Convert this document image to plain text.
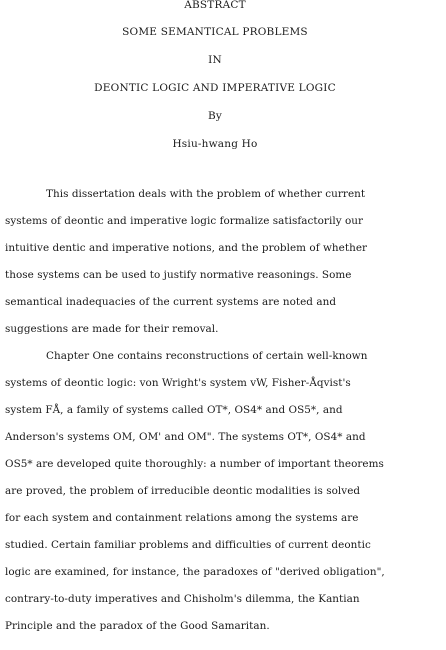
ABSTRACT
SOME SEMANTICAL PROBLEMS
IN
DEONTIC LOGIC AND IMPERATIVE LOGIC
By
Hsiu-hwang Ho
This dissertation deals with the problem of whether current
systems of deontic and imperative logic formalize satisfactorily our
intuitive dentic and imperative notions, and the problem of whether
those systems can be used to justify normative reasonings. Some
semantical inadequacies of the current systems are noted and
suggestions are made for their removal.
Chapter One contains reconstructions of certain well-known
systems of deontic logic: von Wright's system vW, Fisher-Åqvist's
system FÅ, a family of systems called OT*, OS4* and OS5*, and
Anderson's systems OM, OM' and OM". The systems OT*, OS4* and
OS5* are developed quite thoroughly: a number of important theorems
are proved, the problem of irreducible deontic modalities is solved
for each system and containment relations among the systems are
studied. Certain familiar problems and difficulties of current deontic
logic are examined, for instance, the paradoxes of "derived obligation",
contrary-to-duty imperatives and Chisholm's dilemma, the Kantian
Principle and the paradox of the Good Samaritan.
